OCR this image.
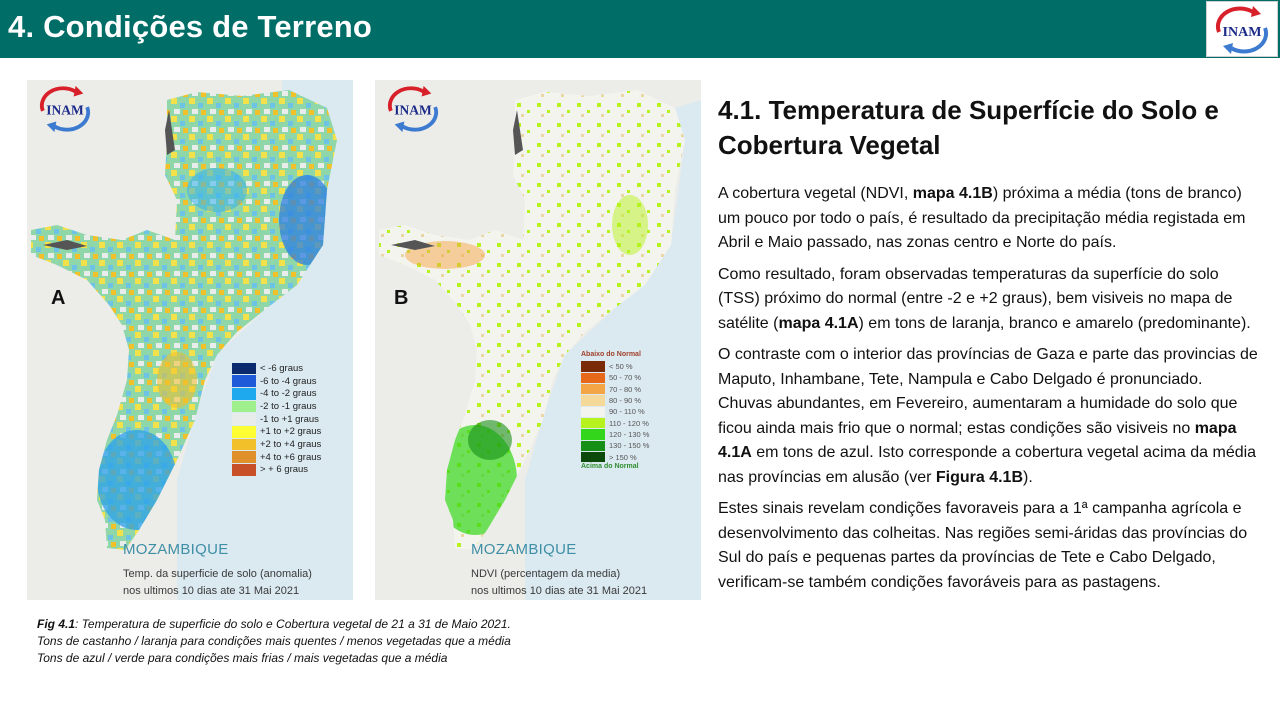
4. Condições de Terreno	INAM
INAM
A
< -6 graus
-6 to -4 graus
-4 to -2 graus
-2 to -1 graus
-1 to +1 graus
+1 to +2 graus
+2 to +4 graus
+4 to +6 graus
> + 6 graus
MOZAMBIQUE
Temp. da superficie de solo (anomalia)
nos ultimos 10 dias ate 31 Mai 2021
INAM
B
Abaixo do Normal
< 50 %
50 - 70 %
70 - 80 %
80 - 90 %
90 - 110 %
110 - 120 %
120 - 130 %
130 - 150 %
> 150 %
Acima do Normal
MOZAMBIQUE
NDVI (percentagem da media)
nos ultimos 10 dias ate 31 Mai 2021
Fig 4.1: Temperatura de superficie do solo e Cobertura vegetal de 21 a 31 de Maio 2021.
Tons de castanho / laranja para condições mais quentes / menos vegetadas que a média
Tons de azul / verde para condições mais frias / mais vegetadas que a média
4.1. Temperatura de Superfície do Solo e Cobertura Vegetal

A cobertura vegetal (NDVI, mapa 4.1B) próxima a média (tons de branco) um pouco por todo o país, é resultado da precipitação média registada em Abril e Maio passado, nas zonas centro e Norte do país.

Como resultado, foram observadas temperaturas da superfície do solo (TSS) próximo do normal (entre -2 e +2 graus), bem visiveis no mapa de satélite (mapa 4.1A) em tons de laranja, branco e amarelo (predominante).

O contraste com o interior das províncias de Gaza e parte das provincias de Maputo, Inhambane, Tete, Nampula e Cabo Delgado é pronunciado. Chuvas abundantes, em Fevereiro, aumentaram a humidade do solo que ficou ainda mais frio que o normal; estas condições são visiveis no mapa 4.1A em tons de azul. Isto corresponde a cobertura vegetal acima da média nas províncias em alusão (ver Figura 4.1B).

Estes sinais revelam condições favoraveis para a 1ª campanha agrícola e desenvolvimento das colheitas. Nas regiões semi-áridas das províncias do Sul do país e pequenas partes da províncias de Tete e Cabo Delgado, verificam-se também condições favoráveis para as pastagens.
